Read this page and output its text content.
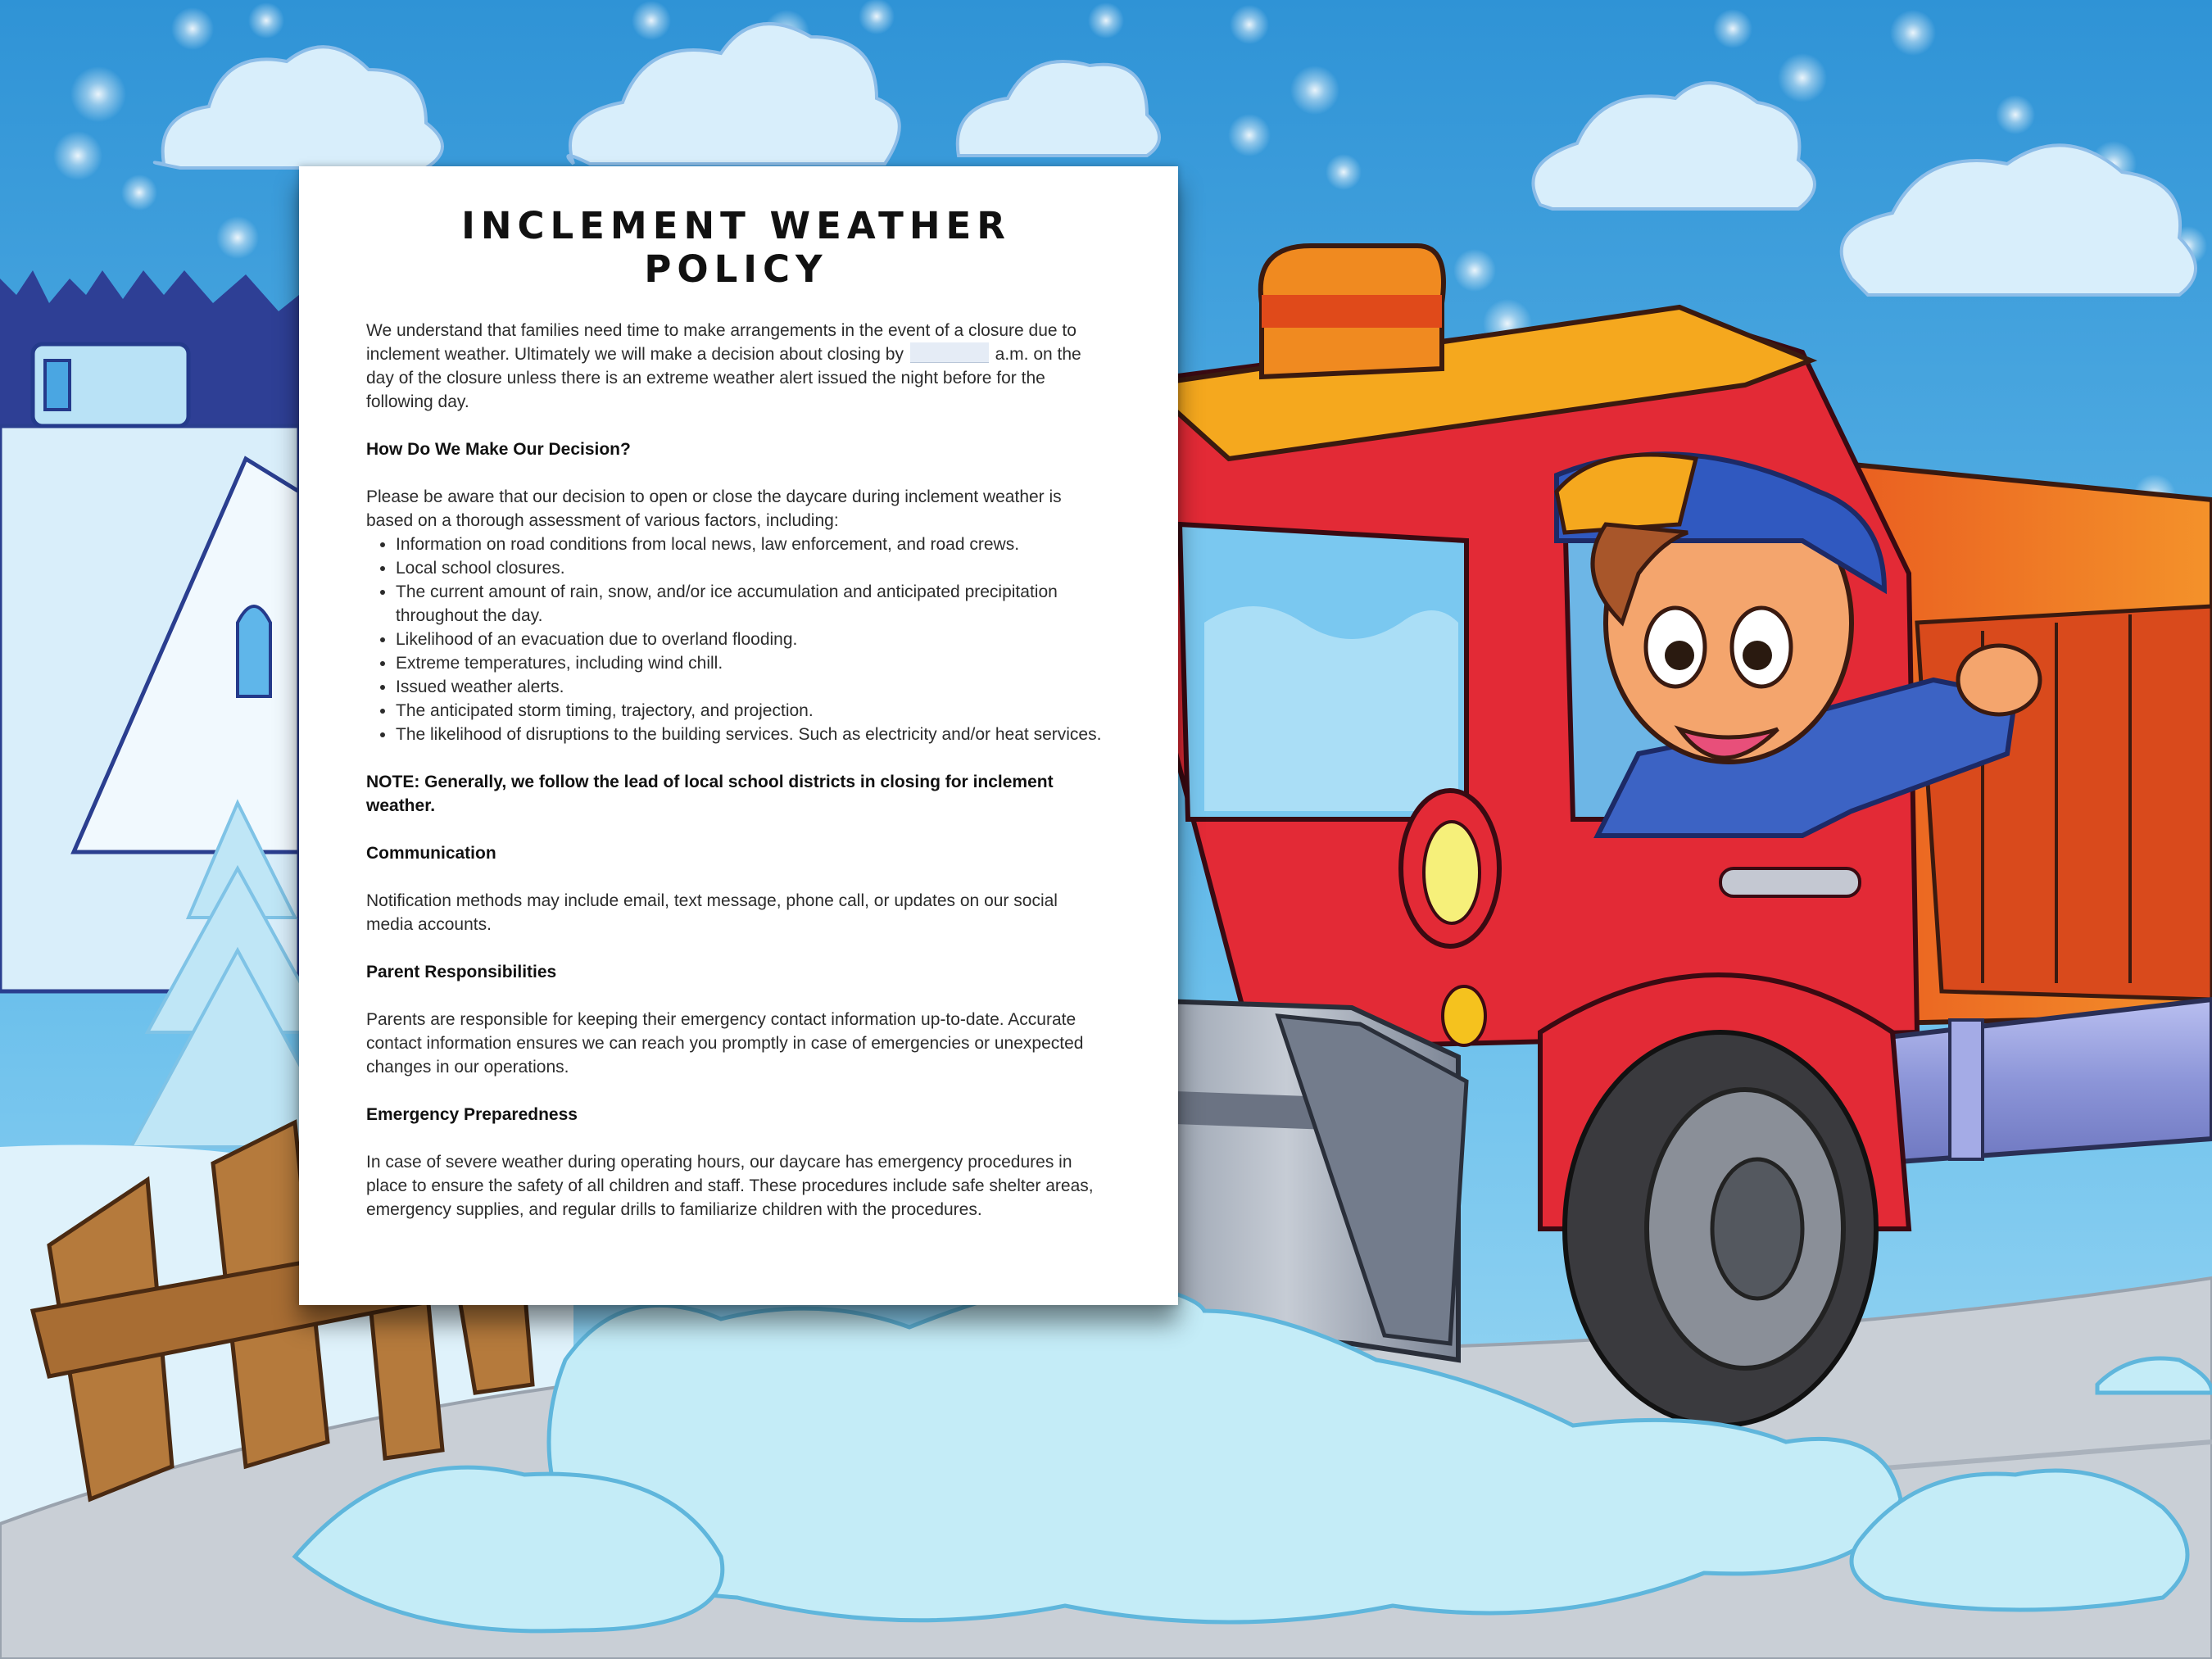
INCLEMENT WEATHER POLICY

We understand that families need time to make arrangements in the event of a closure due to inclement weather. Ultimately we will make a decision about closing by	a.m. on the day of the closure unless there is an extreme weather alert issued the night before for the following day.

How Do We Make Our Decision?

Please be aware that our decision to open or close the daycare during inclement weather is based on a thorough assessment of various factors, including:

• Information on road conditions from local news, law enforcement, and road crews.
• Local school closures.
• The current amount of rain, snow, and/or ice accumulation and anticipated precipitation throughout the day.
• Likelihood of an evacuation due to overland flooding.
• Extreme temperatures, including wind chill.
• Issued weather alerts.
• The anticipated storm timing, trajectory, and projection.
• The likelihood of disruptions to the building services. Such as electricity and/or heat services.

NOTE: Generally, we follow the lead of local school districts in closing for inclement weather.

Communication

Notification methods may include email, text message, phone call, or updates on our social media accounts.

Parent Responsibilities

Parents are responsible for keeping their emergency contact information up-to-date. Accurate contact information ensures we can reach you promptly in case of emergencies or unexpected changes in our operations.

Emergency Preparedness

In case of severe weather during operating hours, our daycare has emergency procedures in place to ensure the safety of all children and staff. These procedures include safe shelter areas, emergency supplies, and regular drills to familiarize children with the procedures.
